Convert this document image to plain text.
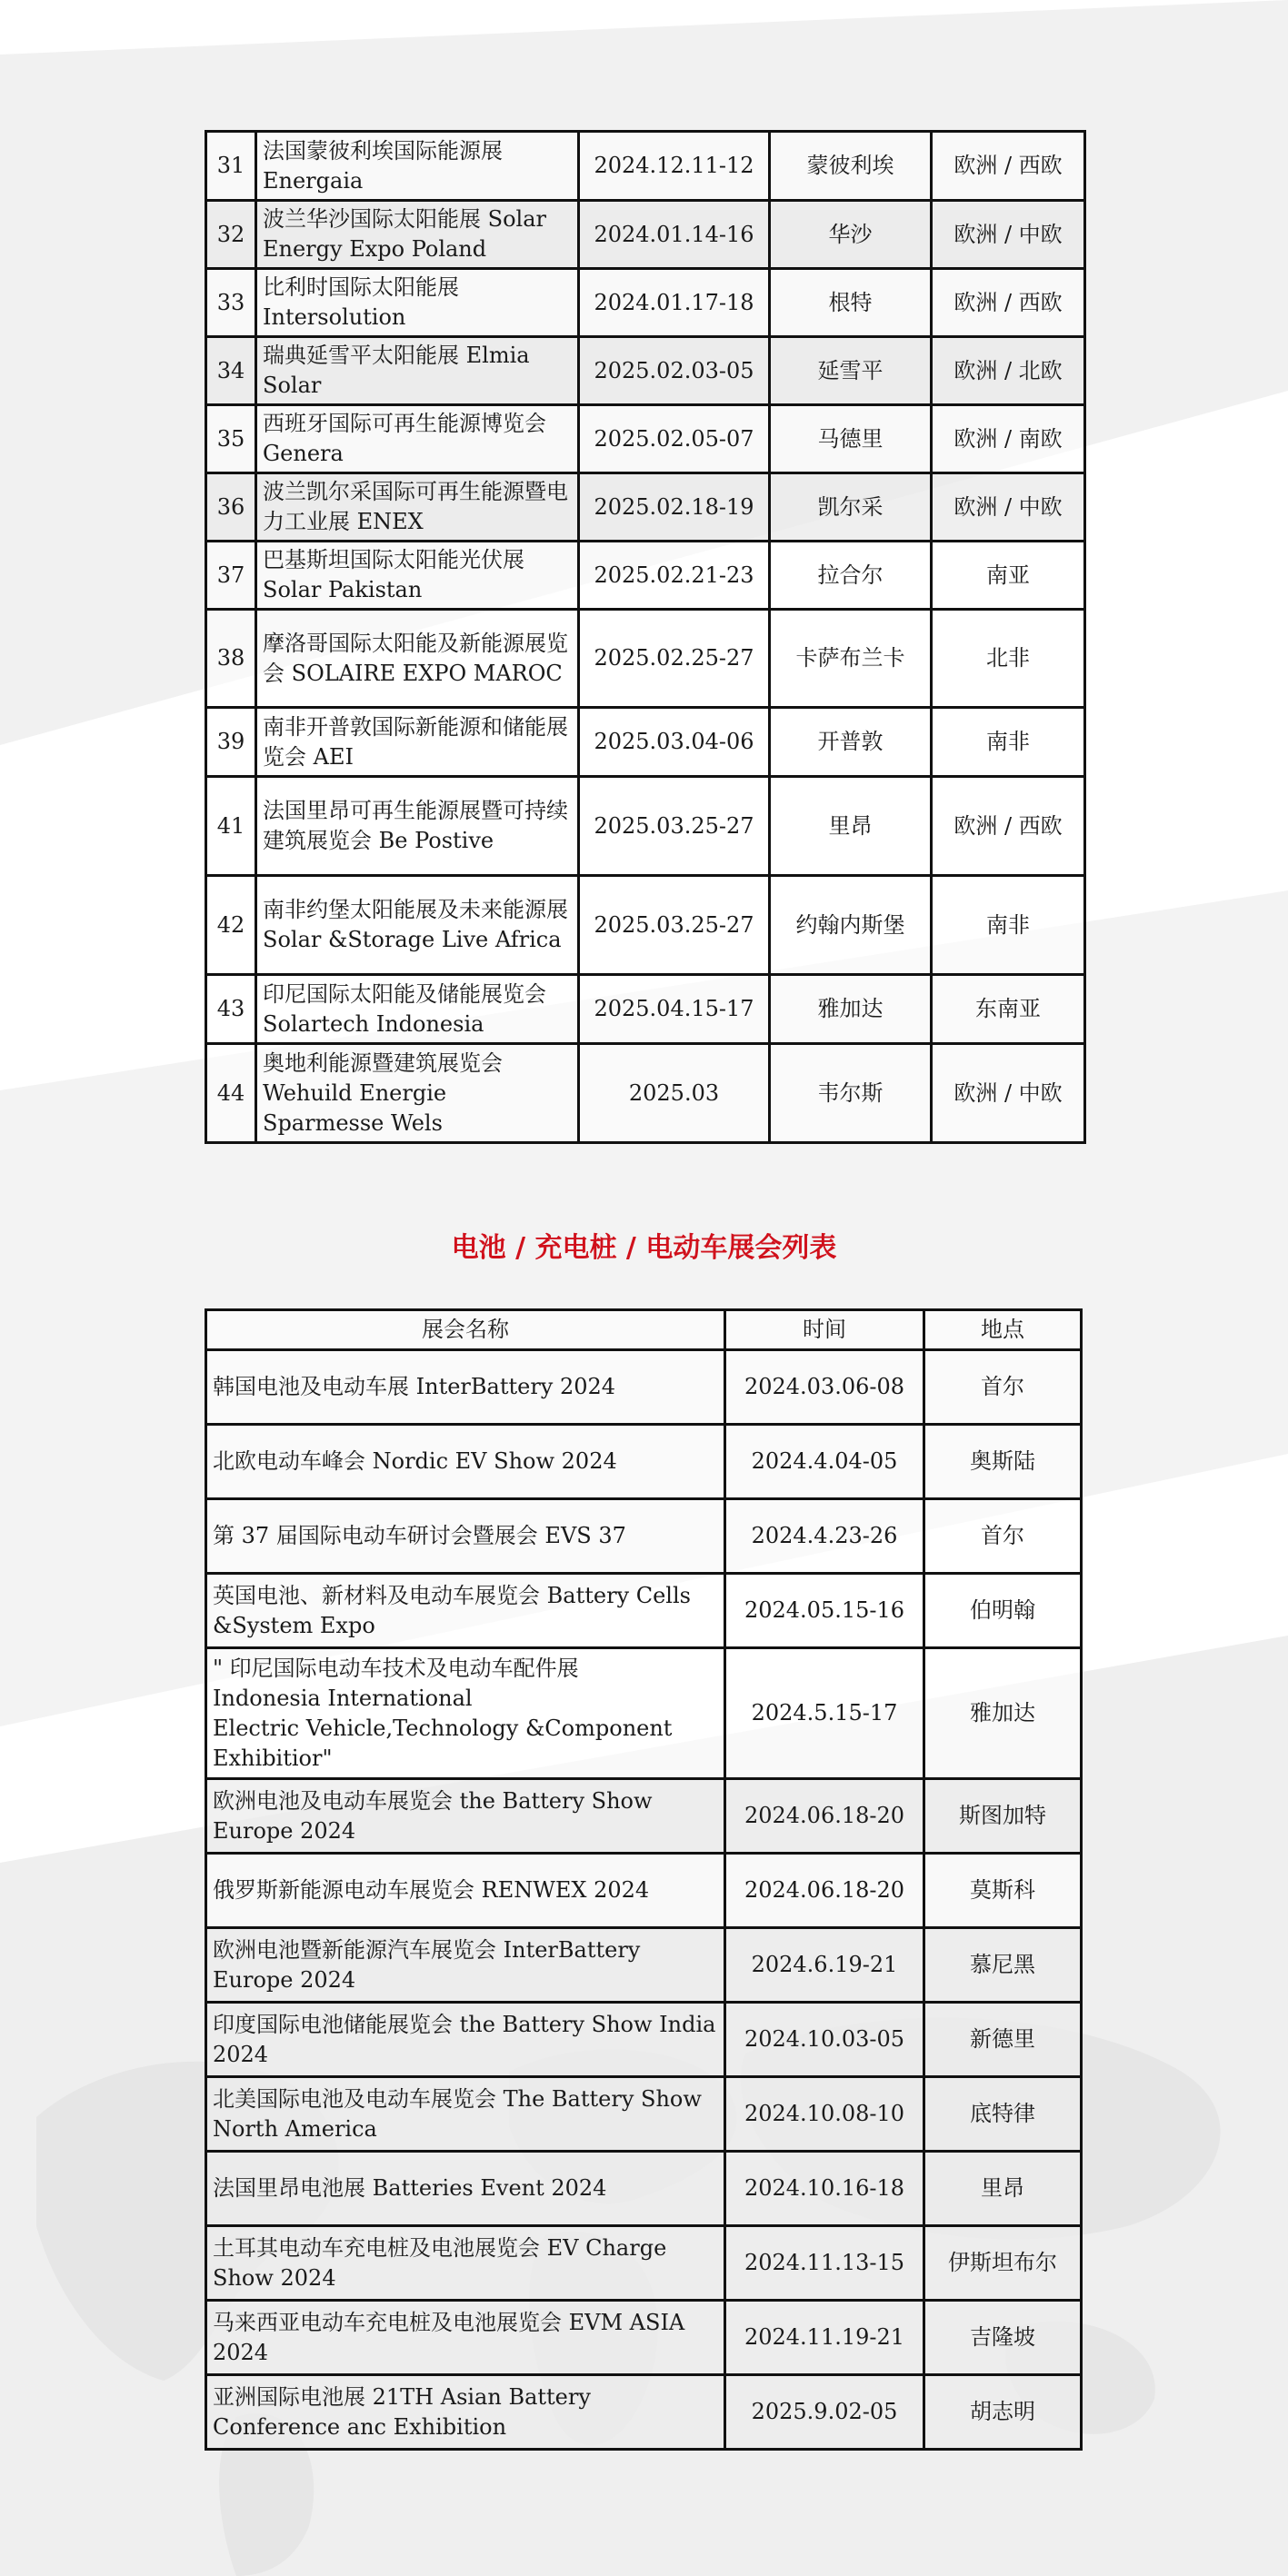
31	法国蒙彼利埃国际能源展 Energaia	2024.12.11-12	蒙彼利埃	欧洲 / 西欧
32	波兰华沙国际太阳能展 Solar Energy Expo Poland	2024.01.14-16	华沙	欧洲 / 中欧
33	比利时国际太阳能展 Intersolution	2024.01.17-18	根特	欧洲 / 西欧
34	瑞典延雪平太阳能展 Elmia Solar	2025.02.03-05	延雪平	欧洲 / 北欧
35	西班牙国际可再生能源博览会 Genera	2025.02.05-07	马德里	欧洲 / 南欧
36	波兰凯尔采国际可再生能源暨电力工业展 ENEX	2025.02.18-19	凯尔采	欧洲 / 中欧
37	巴基斯坦国际太阳能光伏展 Solar Pakistan	2025.02.21-23	拉合尔	南亚
38	摩洛哥国际太阳能及新能源展览会 SOLAIRE EXPO MAROC	2025.02.25-27	卡萨布兰卡	北非
39	南非开普敦国际新能源和储能展览会 AEI	2025.03.04-06	开普敦	南非
41	法国里昂可再生能源展暨可持续建筑展览会 Be Postive	2025.03.25-27	里昂	欧洲 / 西欧
42	南非约堡太阳能展及未来能源展 Solar &Storage Live Africa	2025.03.25-27	约翰内斯堡	南非
43	印尼国际太阳能及储能展览会 Solartech Indonesia	2025.04.15-17	雅加达	东南亚
44	奥地利能源暨建筑展览会 Wehuild Energie Sparmesse Wels	2025.03	韦尔斯	欧洲 / 中欧
电池 / 充电桩 / 电动车展会列表
展会名称	时间	地点
韩国电池及电动车展 InterBattery 2024	2024.03.06-08	首尔
北欧电动车峰会 Nordic EV Show 2024	2024.4.04-05	奥斯陆
第 37 届国际电动车研讨会暨展会 EVS 37	2024.4.23-26	首尔
英国电池、新材料及电动车展览会 Battery Cells &System Expo	2024.05.15-16	伯明翰
" 印尼国际电动车技术及电动车配件展
Indonesia International
Electric Vehicle,Technology &Component Exhibitior"	2024.5.15-17	雅加达
欧洲电池及电动车展览会 the Battery Show Europe 2024	2024.06.18-20	斯图加特
俄罗斯新能源电动车展览会 RENWEX 2024	2024.06.18-20	莫斯科
欧洲电池暨新能源汽车展览会 InterBattery Europe 2024	2024.6.19-21	慕尼黑
印度国际电池储能展览会 the Battery Show India 2024	2024.10.03-05	新德里
北美国际电池及电动车展览会 The Battery Show North America	2024.10.08-10	底特律
法国里昂电池展 Batteries Event 2024	2024.10.16-18	里昂
土耳其电动车充电桩及电池展览会 EV Charge Show 2024	2024.11.13-15	伊斯坦布尔
马来西亚电动车充电桩及电池展览会 EVM ASIA 2024	2024.11.19-21	吉隆坡
亚洲国际电池展 21TH Asian Battery Conference anc Exhibition	2025.9.02-05	胡志明
